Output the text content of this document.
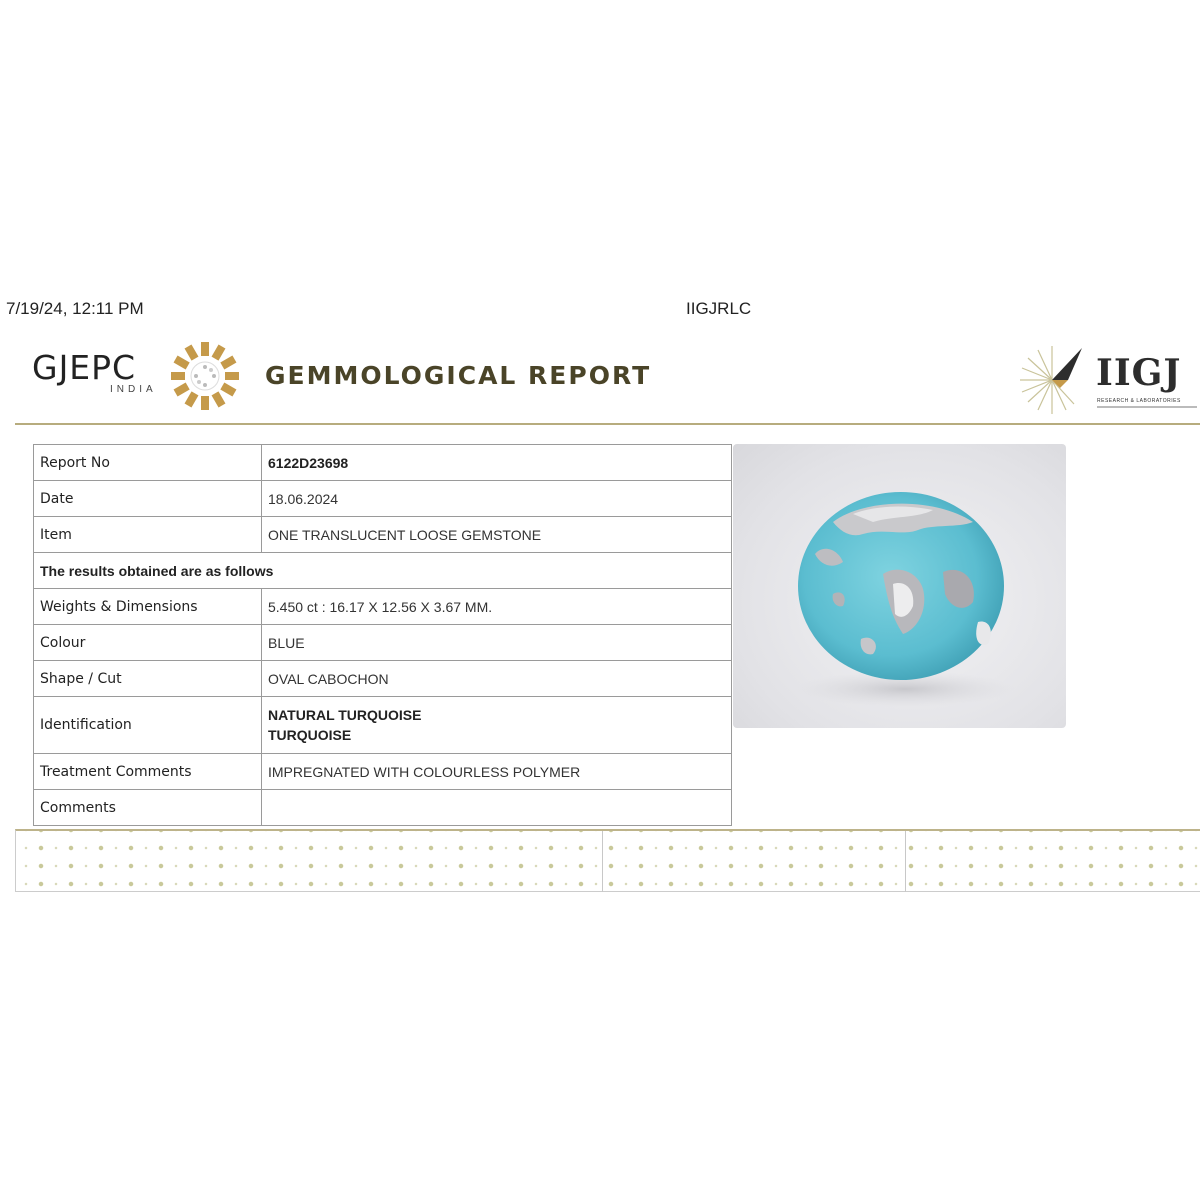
7/19/24, 12:11 PM	IIGJRLC
GJEPC
INDIA	GEMMOLOGICAL REPORT	IIGJ
RESEARCH & LABORATORIES
Report No	6122D23698
Date	18.06.2024
Item	ONE TRANSLUCENT LOOSE GEMSTONE
The results obtained are as follows	
Weights & Dimensions	5.450 ct : 16.17 X 12.56 X 3.67 MM.
Colour	BLUE
Shape / Cut	OVAL CABOCHON
Identification	NATURAL TURQUOISE
TURQUOISE

Treatment Comments	IMPREGNATED WITH COLOURLESS POLYMER
Comments	
